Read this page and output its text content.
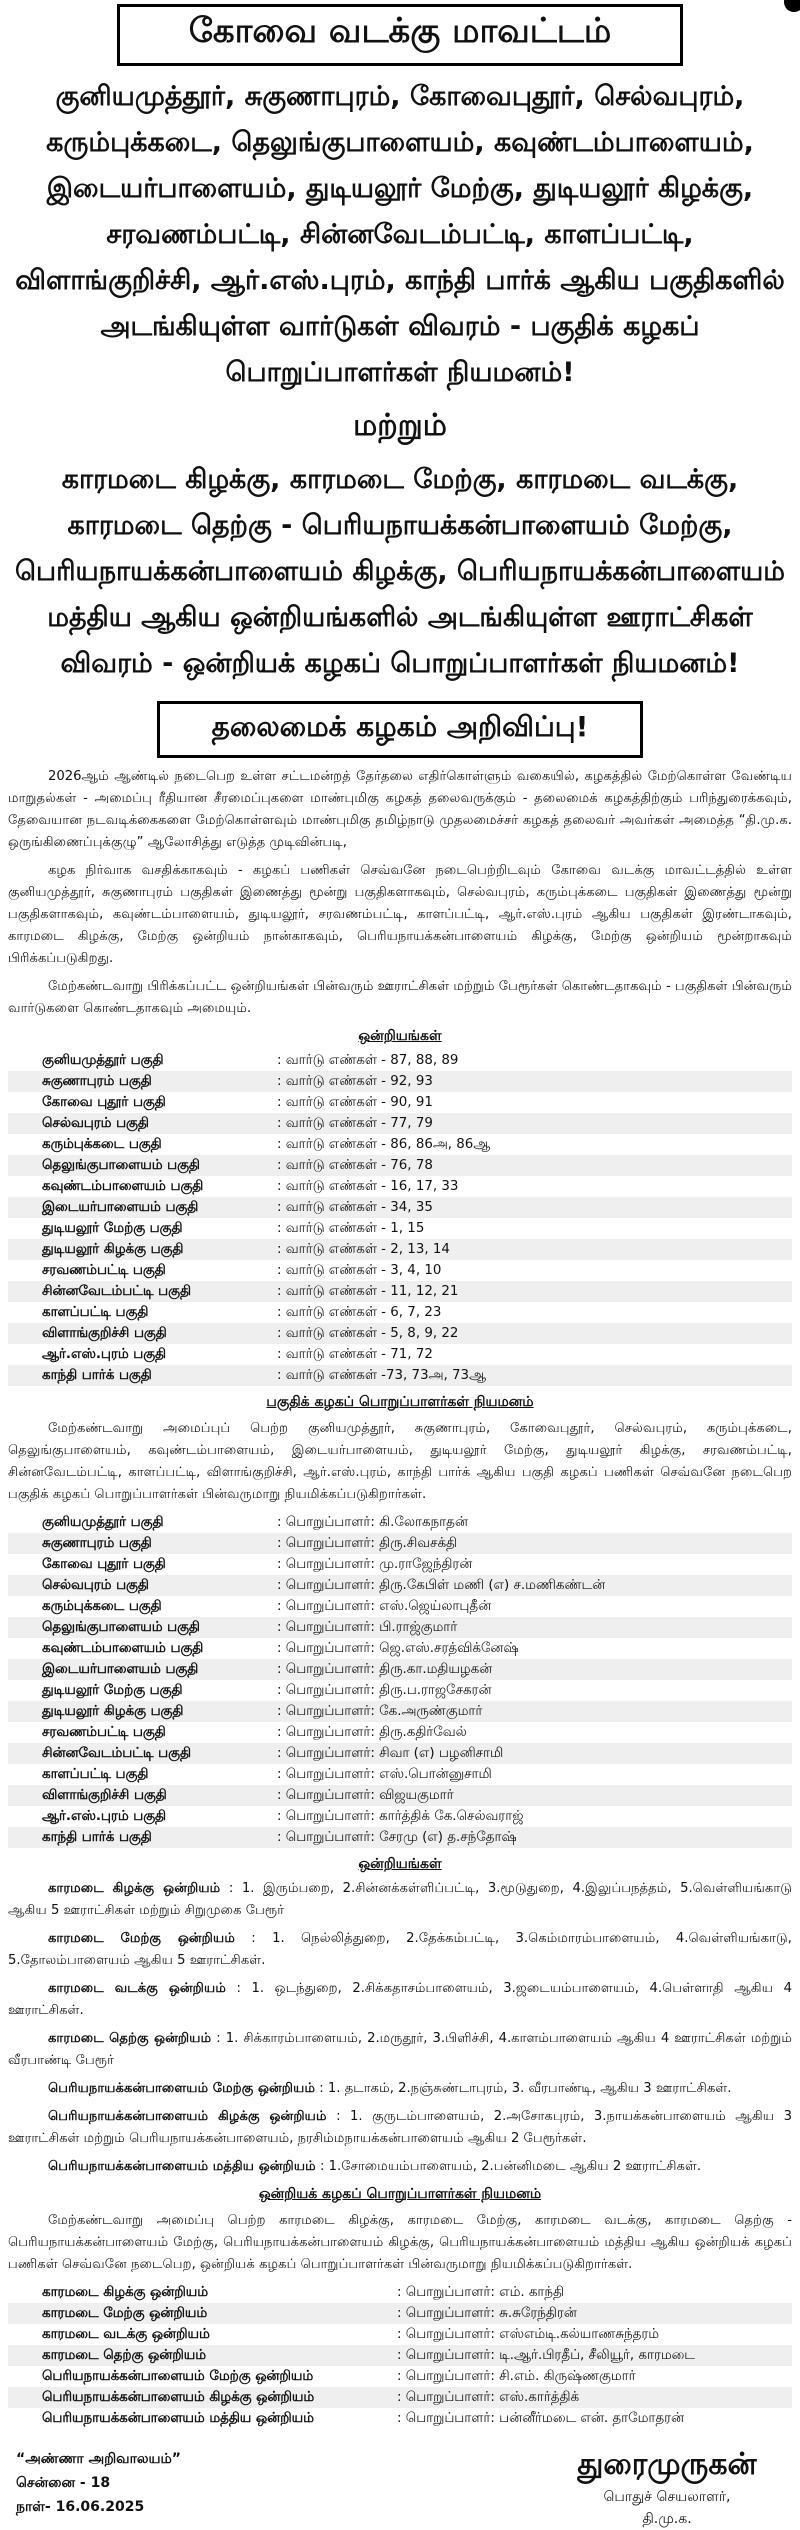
கோவை வடக்கு மாவட்டம்

குனியமுத்தூர், சுகுணாபுரம், கோவைபுதூர், செல்வபுரம், கரும்புக்கடை, தெலுங்குபாளையம், கவுண்டம்பாளையம், இடையர்பாளையம், துடியலூர் மேற்கு, துடியலூர் கிழக்கு, சரவணம்பட்டி, சின்னவேடம்பட்டி, காளப்பட்டி, விளாங்குறிச்சி, ஆர்.எஸ்.புரம், காந்தி பார்க் ஆகிய பகுதிகளில் அடங்கியுள்ள வார்டுகள் விவரம் - பகுதிக் கழகப் பொறுப்பாளர்கள் நியமனம்!

மற்றும்

காரமடை கிழக்கு, காரமடை மேற்கு, காரமடை வடக்கு, காரமடை தெற்கு - பெரியநாயக்கன்பாளையம் மேற்கு, பெரியநாயக்கன்பாளையம் கிழக்கு, பெரியநாயக்கன்பாளையம் மத்திய ஆகிய ஒன்றியங்களில் அடங்கியுள்ள ஊராட்சிகள் விவரம் - ஒன்றியக் கழகப் பொறுப்பாளர்கள் நியமனம்!

தலைமைக் கழகம் அறிவிப்பு!

2026ஆம் ஆண்டில் நடைபெற உள்ள சட்டமன்றத் தேர்தலை எதிர்கொள்ளும் வகையில், கழகத்தில் மேற்கொள்ள வேண்டிய மாறுதல்கள் - அமைப்பு ரீதியான சீரமைப்புகளை மாண்புமிகு கழகத் தலைவருக்கும் - தலைமைக் கழகத்திற்கும் பரிந்துரைக்கவும், தேவையான நடவடிக்கைகளை மேற்கொள்ளவும் மாண்புமிகு தமிழ்நாடு முதலமைச்சர் கழகத் தலைவர் அவர்கள் அமைத்த “தி.மு.க. ஒருங்கிணைப்புக்குழு” ஆலோசித்து எடுத்த முடிவின்படி,

கழக நிர்வாக வசதிக்காகவும் - கழகப் பணிகள் செவ்வனே நடைபெற்றிடவும் கோவை வடக்கு மாவட்டத்தில் உள்ள குனியமுத்தூர், சுகுணாபுரம் பகுதிகள் இணைத்து மூன்று பகுதிகளாகவும், செல்வபுரம், கரும்புக்கடை பகுதிகள் இணைத்து மூன்று பகுதிகளாகவும், கவுண்டம்பாளையம், துடியலூர், சரவணம்பட்டி, காளப்பட்டி, ஆர்.எஸ்.புரம் ஆகிய பகுதிகள் இரண்டாகவும், காரமடை கிழக்கு, மேற்கு ஒன்றியம் நான்காகவும், பெரியநாயக்கன்பாளையம் கிழக்கு, மேற்கு ஒன்றியம் மூன்றாகவும் பிரிக்கப்படுகிறது.

மேற்கண்டவாறு பிரிக்கப்பட்ட ஒன்றியங்கள் பின்வரும் ஊராட்சிகள் மற்றும் பேரூர்கள் கொண்டதாகவும் - பகுதிகள் பின்வரும் வார்டுகளை கொண்டதாகவும் அமையும்.

ஒன்றியங்கள்
குனியமுத்தூர் பகுதி	: வார்டு எண்கள் - 87, 88, 89
சுகுணாபுரம் பகுதி	: வார்டு எண்கள் - 92, 93
கோவை புதூர் பகுதி	: வார்டு எண்கள் - 90, 91
செல்வபுரம் பகுதி	: வார்டு எண்கள் - 77, 79
கரும்புக்கடை பகுதி	: வார்டு எண்கள் - 86, 86அ, 86ஆ
தெலுங்குபாளையம் பகுதி	: வார்டு எண்கள் - 76, 78
கவுண்டம்பாளையம் பகுதி	: வார்டு எண்கள் - 16, 17, 33
இடையர்பாளையம் பகுதி	: வார்டு எண்கள் - 34, 35
துடியலூர் மேற்கு பகுதி	: வார்டு எண்கள் - 1, 15
துடியலூர் கிழக்கு பகுதி	: வார்டு எண்கள் - 2, 13, 14
சரவணம்பட்டி பகுதி	: வார்டு எண்கள் - 3, 4, 10
சின்னவேடம்பட்டி பகுதி	: வார்டு எண்கள் - 11, 12, 21
காளப்பட்டி பகுதி	: வார்டு எண்கள் - 6, 7, 23
விளாங்குறிச்சி பகுதி	: வார்டு எண்கள் - 5, 8, 9, 22
ஆர்.எஸ்.புரம் பகுதி	: வார்டு எண்கள் - 71, 72
காந்தி பார்க் பகுதி	: வார்டு எண்கள் -73, 73அ, 73ஆ
பகுதிக் கழகப் பொறுப்பாளர்கள் நியமனம்

மேற்கண்டவாறு அமைப்புப் பெற்ற குனியமுத்தூர், சுகுணாபுரம், கோவைபுதூர், செல்வபுரம், கரும்புக்கடை, தெலுங்குபாளையம், கவுண்டம்பாளையம், இடையர்பாளையம், துடியலூர் மேற்கு, துடியலூர் கிழக்கு, சரவணம்பட்டி, சின்னவேடம்பட்டி, காளப்பட்டி, விளாங்குறிச்சி, ஆர்.எஸ்.புரம், காந்தி பார்க் ஆகிய பகுதி கழகப் பணிகள் செவ்வனே நடைபெற பகுதிக் கழகப் பொறுப்பாளர்கள் பின்வருமாறு நியமிக்கப்படுகிறார்கள்.

குனியமுத்தூர் பகுதி	: பொறுப்பாளர்: கி.லோகநாதன்
சுகுணாபுரம் பகுதி	: பொறுப்பாளர்: திரு.சிவசக்தி
கோவை புதூர் பகுதி	: பொறுப்பாளர்: மு.ராஜேந்திரன்
செல்வபுரம் பகுதி	: பொறுப்பாளர்: திரு.கேபிள் மணி (எ) ச.மணிகண்டன்
கரும்புக்கடை பகுதி	: பொறுப்பாளர்: எஸ்.ஜெய்லாபுதீன்
தெலுங்குபாளையம் பகுதி	: பொறுப்பாளர்: பி.ராஜ்குமார்
கவுண்டம்பாளையம் பகுதி	: பொறுப்பாளர்: ஜெ.எஸ்.சரத்விக்னேஷ்
இடையர்பாளையம் பகுதி	: பொறுப்பாளர்: திரு.கா.மதியழகன்
துடியலூர் மேற்கு பகுதி	: பொறுப்பாளர்: திரு.ப.ராஜசேகரன்
துடியலூர் கிழக்கு பகுதி	: பொறுப்பாளர்: கே.அருண்குமார்
சரவணம்பட்டி பகுதி	: பொறுப்பாளர்: திரு.கதிர்வேல்
சின்னவேடம்பட்டி பகுதி	: பொறுப்பாளர்: சிவா (எ) பழனிசாமி
காளப்பட்டி பகுதி	: பொறுப்பாளர்: எஸ்.பொன்னுசாமி
விளாங்குறிச்சி பகுதி	: பொறுப்பாளர்: விஜயகுமார்
ஆர்.எஸ்.புரம் பகுதி	: பொறுப்பாளர்: கார்த்திக் கே.செல்வராஜ்
காந்தி பார்க் பகுதி	: பொறுப்பாளர்: சேரமு (எ) த.சந்தோஷ்
ஒன்றியங்கள்

காரமடை கிழக்கு ஒன்றியம் : 1. இரும்பறை, 2.சின்னக்கள்ளிப்பட்டி, 3.மூடுதுறை, 4.இலுப்பநத்தம், 5.வெள்ளியங்காடு ஆகிய 5 ஊராட்சிகள் மற்றும் சிறுமுகை பேரூர்

காரமடை மேற்கு ஒன்றியம் : 1. நெல்லித்துறை, 2.தேக்கம்பட்டி, 3.கெம்மாரம்பாளையம், 4.வெள்ளியங்காடு, 5.தோலம்பாளையம் ஆகிய 5 ஊராட்சிகள்.

காரமடை வடக்கு ஒன்றியம் : 1. ஒடந்துறை, 2.சிக்கதாசம்பாளையம், 3.ஜடையம்பாளையம், 4.பெள்ளாதி ஆகிய 4 ஊராட்சிகள்.

காரமடை தெற்கு ஒன்றியம் : 1. சிக்காரம்பாளையம், 2.மருதூர், 3.பிளிச்சி, 4.காளம்பாளையம் ஆகிய 4 ஊராட்சிகள் மற்றும் வீரபாண்டி பேரூர்

பெரியநாயக்கன்பாளையம் மேற்கு ஒன்றியம் : 1. தடாகம், 2.நஞ்சுண்டாபுரம், 3. வீரபாண்டி, ஆகிய 3 ஊராட்சிகள்.

பெரியநாயக்கன்பாளையம் கிழக்கு ஒன்றியம் : 1. குருடம்பாளையம், 2.அசோகபுரம், 3.நாயக்கன்பாளையம் ஆகிய 3 ஊராட்சிகள் மற்றும் பெரியநாயக்கன்பாளையம், நரசிம்மநாயக்கன்பாளையம் ஆகிய 2 பேரூர்கள்.

பெரியநாயக்கன்பாளையம் மத்திய ஒன்றியம் : 1.சோமையம்பாளையம், 2.பன்னிமடை ஆகிய 2 ஊராட்சிகள்.

ஒன்றியக் கழகப் பொறுப்பாளர்கள் நியமனம்

மேற்கண்டவாறு அமைப்பு பெற்ற காரமடை கிழக்கு, காரமடை மேற்கு, காரமடை வடக்கு, காரமடை தெற்கு - பெரியநாயக்கன்பாளையம் மேற்கு, பெரியநாயக்கன்பாளையம் கிழக்கு, பெரியநாயக்கன்பாளையம் மத்திய ஆகிய ஒன்றியக் கழகப் பணிகள் செவ்வனே நடைபெற, ஒன்றியக் கழகப் பொறுப்பாளர்கள் பின்வருமாறு நியமிக்கப்படுகிறார்கள்.

காரமடை கிழக்கு ஒன்றியம்	: பொறுப்பாளர்: எம். காந்தி
காரமடை மேற்கு ஒன்றியம்	: பொறுப்பாளர்: சு.சுரேந்திரன்
காரமடை வடக்கு ஒன்றியம்	: பொறுப்பாளர்: எஸ்எம்டி.கல்யாணசுந்தரம்
காரமடை தெற்கு ஒன்றியம்	: பொறுப்பாளர்: டி.ஆர்.பிரதீப், சீலியூர், காரமடை
பெரியநாயக்கன்பாளையம் மேற்கு ஒன்றியம்	: பொறுப்பாளர்: சி.எம். கிருஷ்ணகுமார்
பெரியநாயக்கன்பாளையம் கிழக்கு ஒன்றியம்	: பொறுப்பாளர்: எஸ்.கார்த்திக்
பெரியநாயக்கன்பாளையம் மத்திய ஒன்றியம்	: பொறுப்பாளர்: பன்னீர்மடை என். தாமோதரன்
“அண்ணா அறிவாலயம்”
சென்னை - 18
நாள்- 16.06.2025
துரைமுருகன்
பொதுச் செயலாளர்,
தி.மு.க.
